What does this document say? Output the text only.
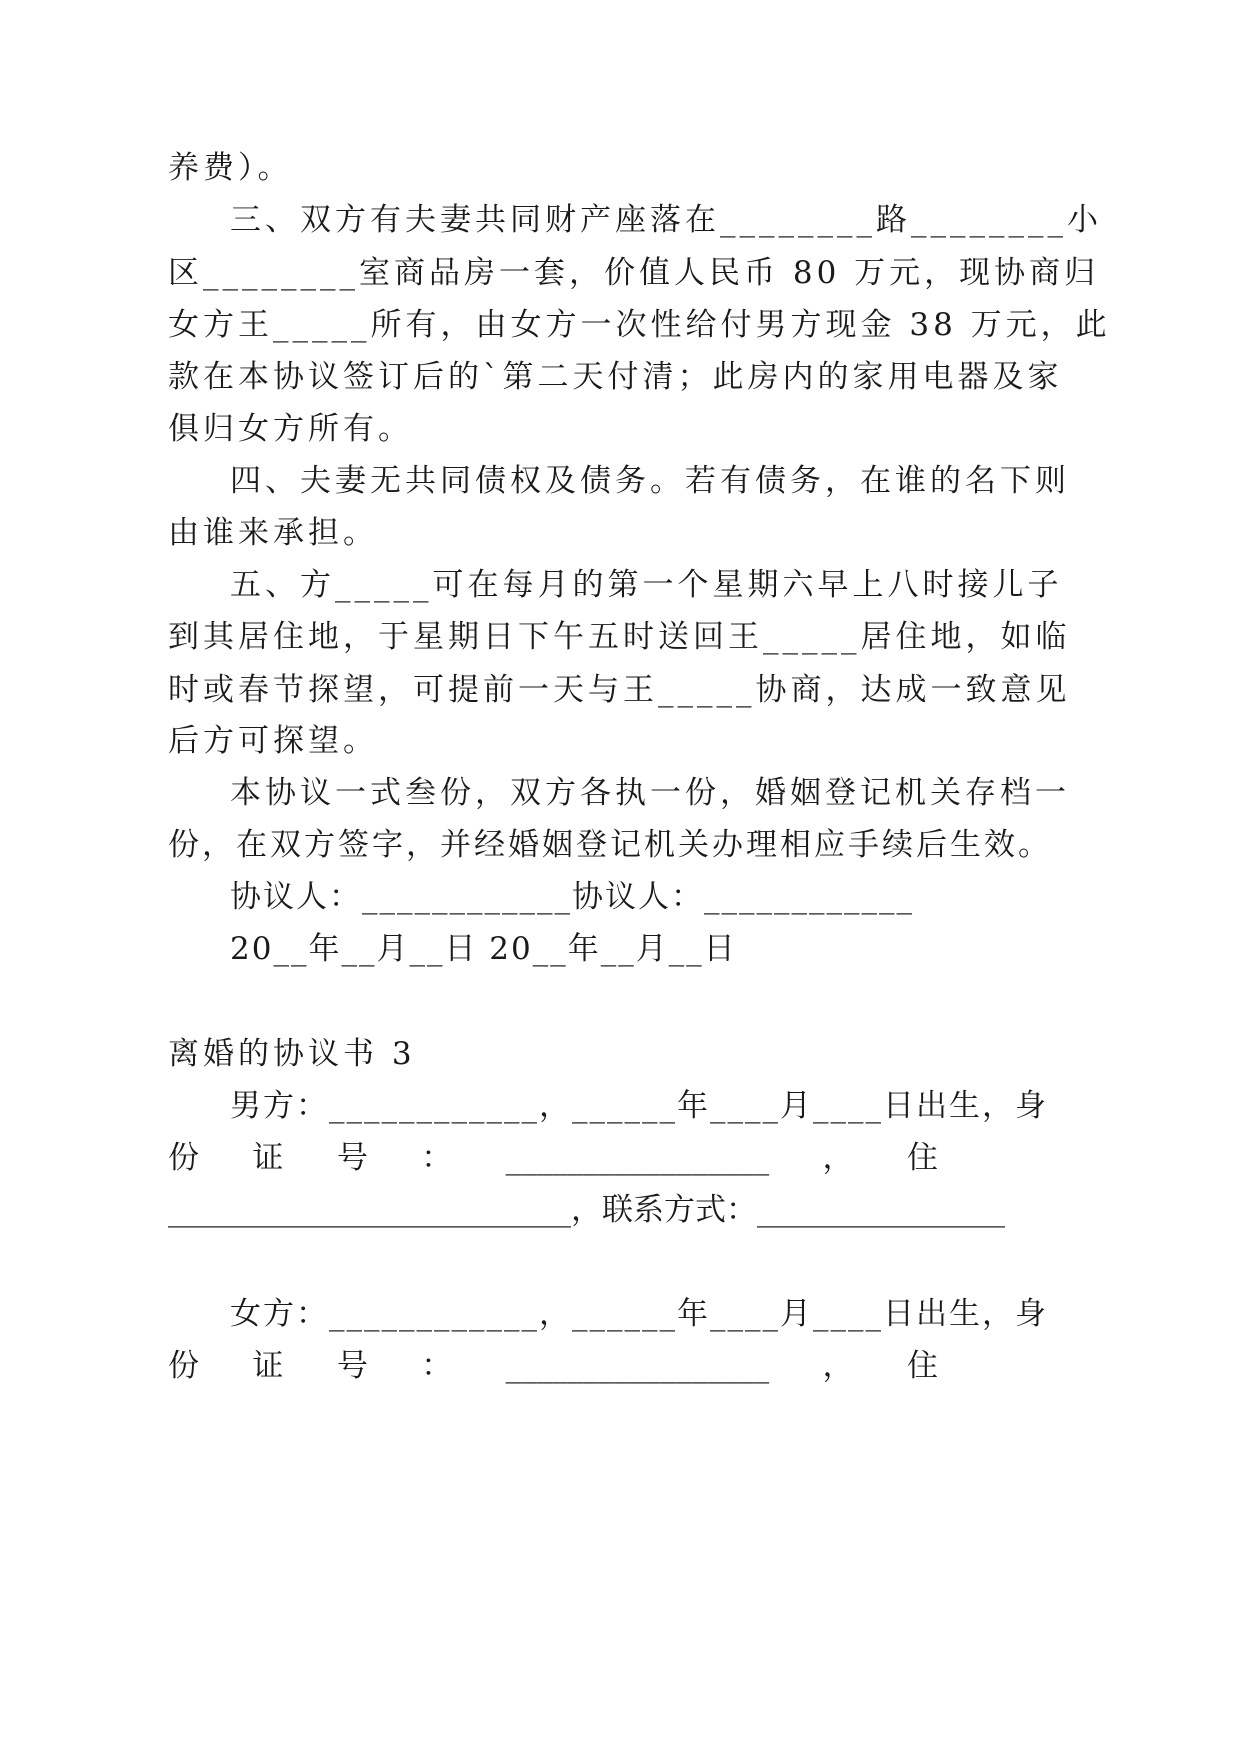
养费）。
三、双方有夫妻共同财产座落在________路________小
区________室商品房一套，价值人民币 80 万元，现协商归
女方王_____所有，由女方一次性给付男方现金 38 万元，此
款在本协议签订后的`第二天付清；此房内的家用电器及家
俱归女方所有。
四、夫妻无共同债权及债务。若有债务，在谁的名下则
由谁来承担。
五、方_____可在每月的第一个星期六早上八时接儿子
到其居住地，于星期日下午五时送回王_____居住地，如临
时或春节探望，可提前一天与王_____协商，达成一致意见
后方可探望。
本协议一式叁份，双方各执一份，婚姻登记机关存档一
份，在双方签字，并经婚姻登记机关办理相应手续后生效。
协议人：____________协议人：____________
20__年__月__日 20__年__月__日
离婚的协议书 3
男方：____________，______年____月____日出生，身
份 证 号 ： _________________ ， 住
__________________________，联系方式：________________
女方：____________，______年____月____日出生，身
份 证 号 ： _________________ ， 住
